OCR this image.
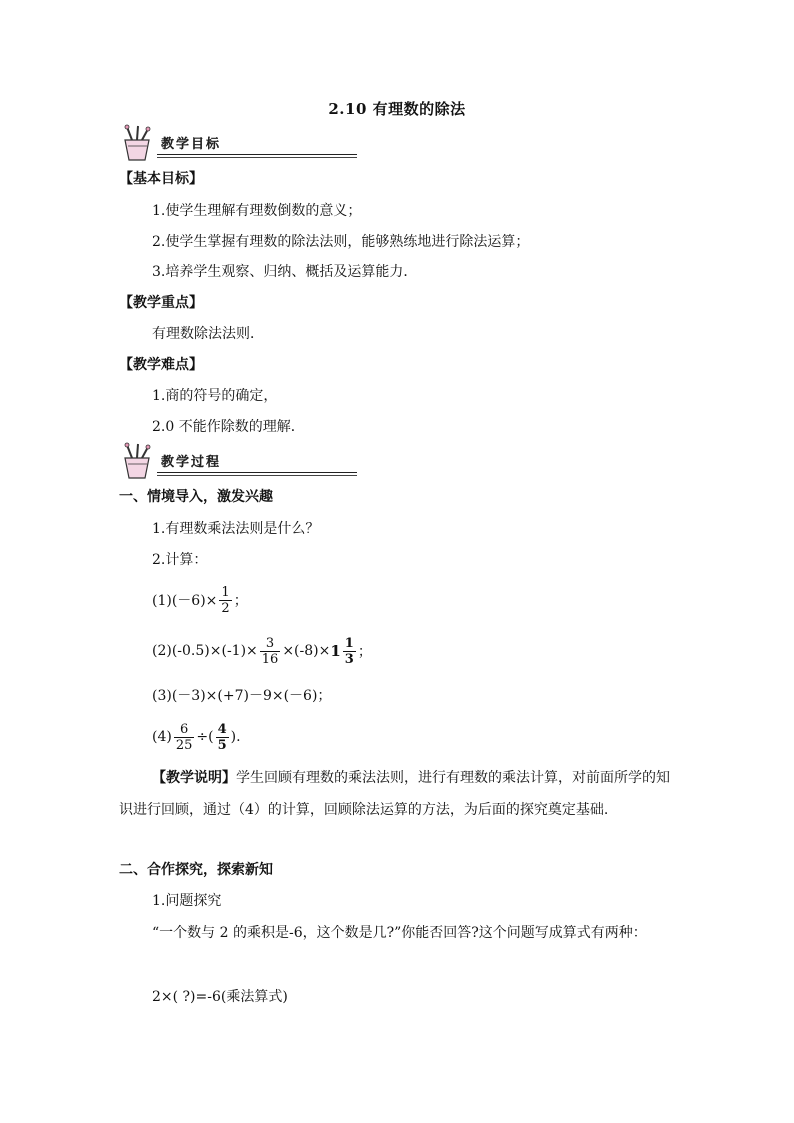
2.10 有理数的除法
教学目标
【基本目标】
1.使学生理解有理数倒数的意义；
2.使学生掌握有理数的除法法则，能够熟练地进行除法运算；
3.培养学生观察、归纳、概括及运算能力．
【教学重点】
有理数除法法则．
【教学难点】
1.商的符号的确定，
2.0 不能作除数的理解．
教学过程
一、情境导入，激发兴趣
1.有理数乘法法则是什么？
2.计算：
$(1)(-6)\times \frac{1}{2}$ ；
$(2)(-0.5)\times(-1)\times \frac{3}{16} \times(-8)\times 1 \frac{1}{3}$ ；
(3)(－3)×(+7)－9×(－6)；
$(4) \frac{6}{25}$ ÷( $\frac{4}{5}$ ).
【教学说明】学生回顾有理数的乘法法则，进行有理数的乘法计算，对前面所学的知识进行回顾，通过（4）的计算，回顾除法运算的方法，为后面的探究奠定基础.
二、合作探究，探索新知
1.问题探究
“一个数与 2 的乘积是-6，这个数是几?”你能否回答?这个问题写成算式有两种：
2×( ?)=-6(乘法算式)
